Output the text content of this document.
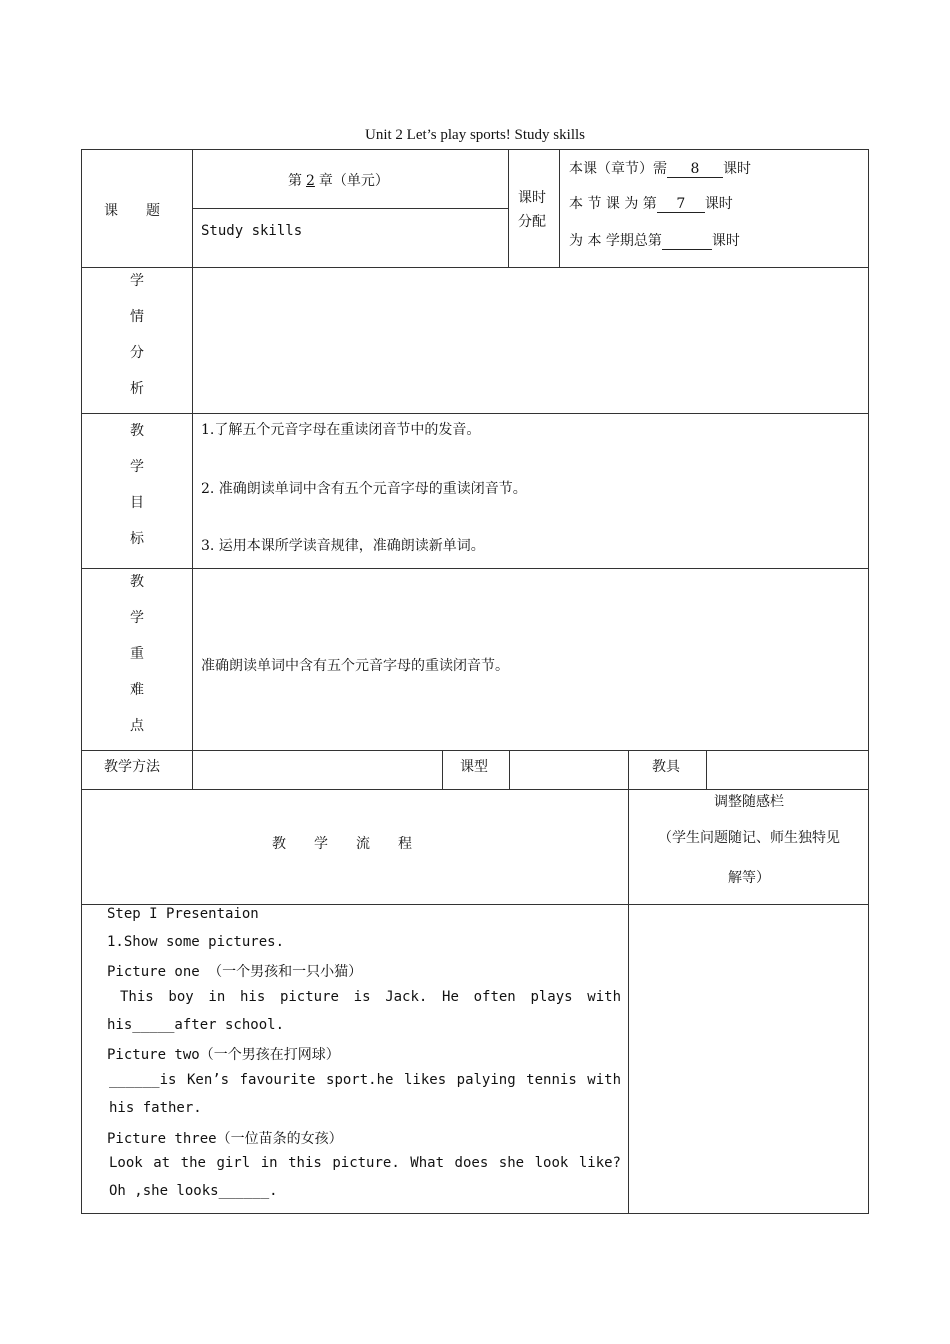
Unit 2 Let’s play sports! Study skills
课　　题
第 2 章（单元）
Study skills
课时
分配
本课（章节）需 8 课时
本 节 课 为 第 7 课时
为 本 学期总第	课时
学
情
分
析
教
学
目
标
1.了解五个元音字母在重读闭音节中的发音。
2. 准确朗读单词中含有五个元音字母的重读闭音节。
3. 运用本课所学读音规律，准确朗读新单词。
教
学
重
难
点
准确朗读单词中含有五个元音字母的重读闭音节。
教学方法	课型	教具
教　　学　　流　　程
调整随感栏
（学生问题随记、师生独特见
解等）
Step I Presentaion
1.Show some pictures.
Picture one （一个男孩和一只小猫）
This boy in his picture is Jack. He often plays with
his_____after school.
Picture two（一个男孩在打网球）
______is Ken’s favourite sport.he likes palying tennis with
his father.
Picture three（一位苗条的女孩）
Look at the girl in this picture. What does she look like?
Oh ,she looks______.
